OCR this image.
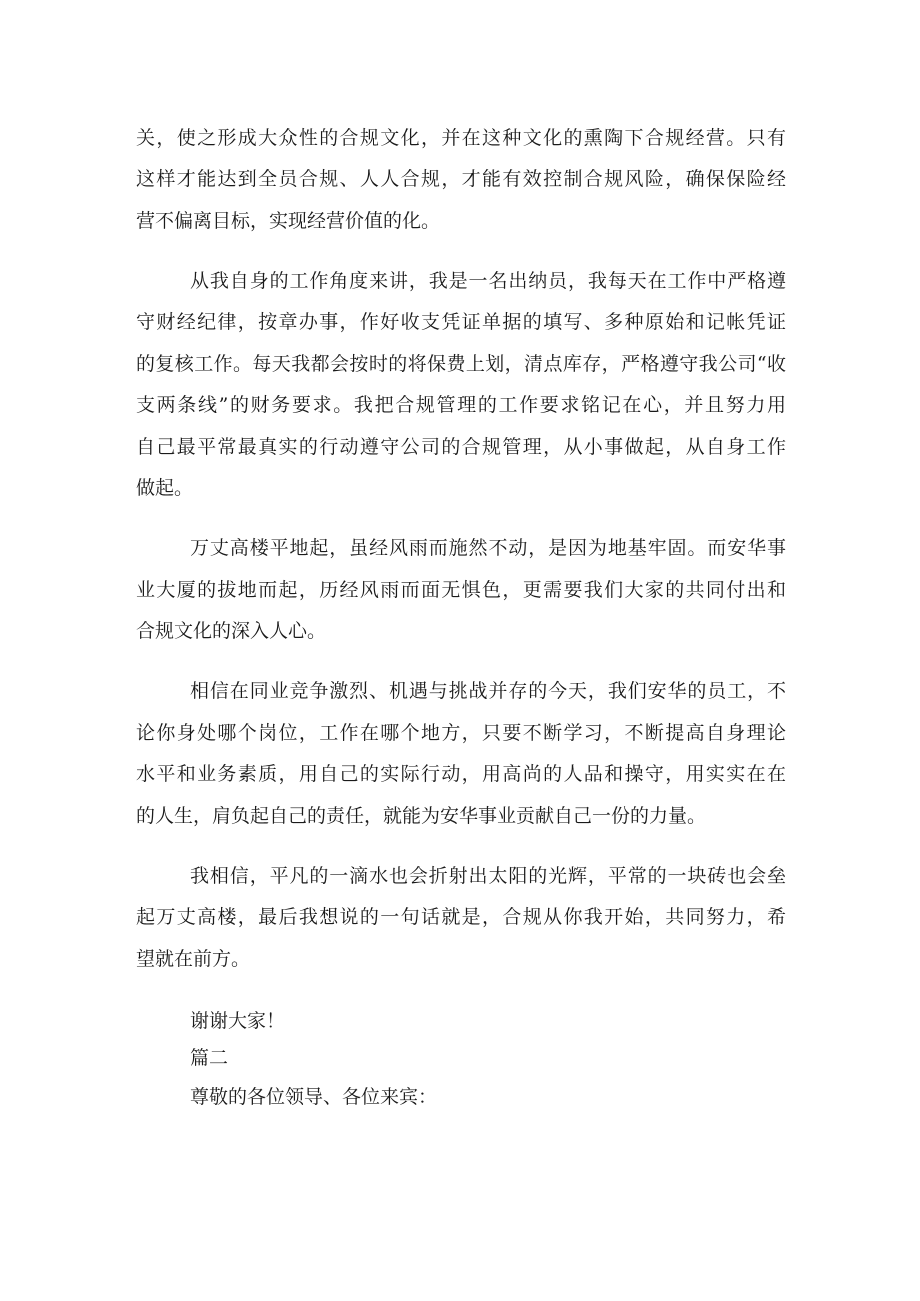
关，使之形成大众性的合规文化，并在这种文化的熏陶下合规经营。只有
这样才能达到全员合规、人人合规，才能有效控制合规风险，确保保险经
营不偏离目标，实现经营价值的化。
从我自身的工作角度来讲，我是一名出纳员，我每天在工作中严格遵
守财经纪律，按章办事，作好收支凭证单据的填写、多种原始和记帐凭证
的复核工作。每天我都会按时的将保费上划，清点库存，严格遵守我公司“收
支两条线”的财务要求。我把合规管理的工作要求铭记在心，并且努力用
自己最平常最真实的行动遵守公司的合规管理，从小事做起，从自身工作
做起。
万丈高楼平地起，虽经风雨而施然不动，是因为地基牢固。而安华事
业大厦的拔地而起，历经风雨而面无惧色，更需要我们大家的共同付出和
合规文化的深入人心。
相信在同业竞争激烈、机遇与挑战并存的今天，我们安华的员工，不
论你身处哪个岗位，工作在哪个地方，只要不断学习，不断提高自身理论
水平和业务素质，用自己的实际行动，用高尚的人品和操守，用实实在在
的人生，肩负起自己的责任，就能为安华事业贡献自己一份的力量。
我相信，平凡的一滴水也会折射出太阳的光辉，平常的一块砖也会垒
起万丈高楼，最后我想说的一句话就是，合规从你我开始，共同努力，希
望就在前方。
谢谢大家！
篇二
尊敬的各位领导、各位来宾：
